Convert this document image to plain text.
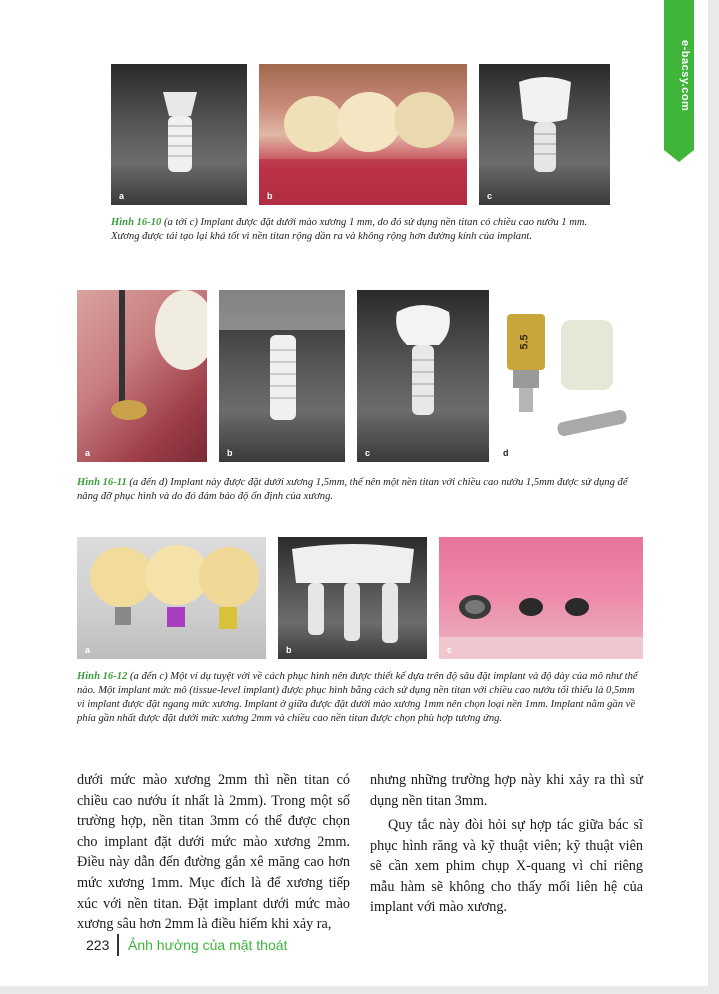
e-bacsy.com
a	b	c
Hình 16-10 (a tới c) Implant được đặt dưới mào xương 1 mm, do đó sử dụng nền titan có chiều cao nướu 1 mm. Xương được tái tạo lại khá tốt vì nền titan rộng dần ra và không rộng hơn đường kính của implant.
a	b	c
5.5
d
Hình 16-11 (a đến d) Implant này được đặt dưới xương 1,5mm, thế nên một nền titan với chiều cao nướu 1,5mm được sử dụng để nâng đỡ phục hình và do đó đảm bảo độ ổn định của xương.
a	b	c
Hình 16-12 (a đến c) Một ví dụ tuyệt vời về cách phục hình nên được thiết kế dựa trên độ sâu đặt implant và độ dày của mô như thế nào. Một implant mức mô (tissue-level implant) được phục hình bằng cách sử dụng nền titan với chiều cao nướu tối thiểu là 0,5mm vì implant được đặt ngang mức xương. Implant ở giữa được đặt dưới mào xương 1mm nên chọn loại nền 1mm. Implant nằm gần về phía gần nhất được đặt dưới mức xương 2mm và chiều cao nền titan được chọn phù hợp tương ứng.
dưới mức mào xương 2mm thì nền titan có chiều cao nướu ít nhất là 2mm). Trong một số trường hợp, nền titan 3mm có thể được chọn cho implant đặt dưới mức mào xương 2mm. Điều này dẫn đến đường gắn xê măng cao hơn mức xương 1mm. Mục đích là để xương tiếp xúc với nền titan. Đặt implant dưới mức mào xương sâu hơn 2mm là điều hiếm khi xảy ra,
nhưng những trường hợp này khi xảy ra thì sử dụng nền titan 3mm.
Quy tắc này đòi hỏi sự hợp tác giữa bác sĩ phục hình răng và kỹ thuật viên; kỹ thuật viên sẽ cần xem phim chụp X-quang vì chỉ riêng mẫu hàm sẽ không cho thấy mối liên hệ của implant với mào xương.
223 Ảnh hưởng của mặt thoát
